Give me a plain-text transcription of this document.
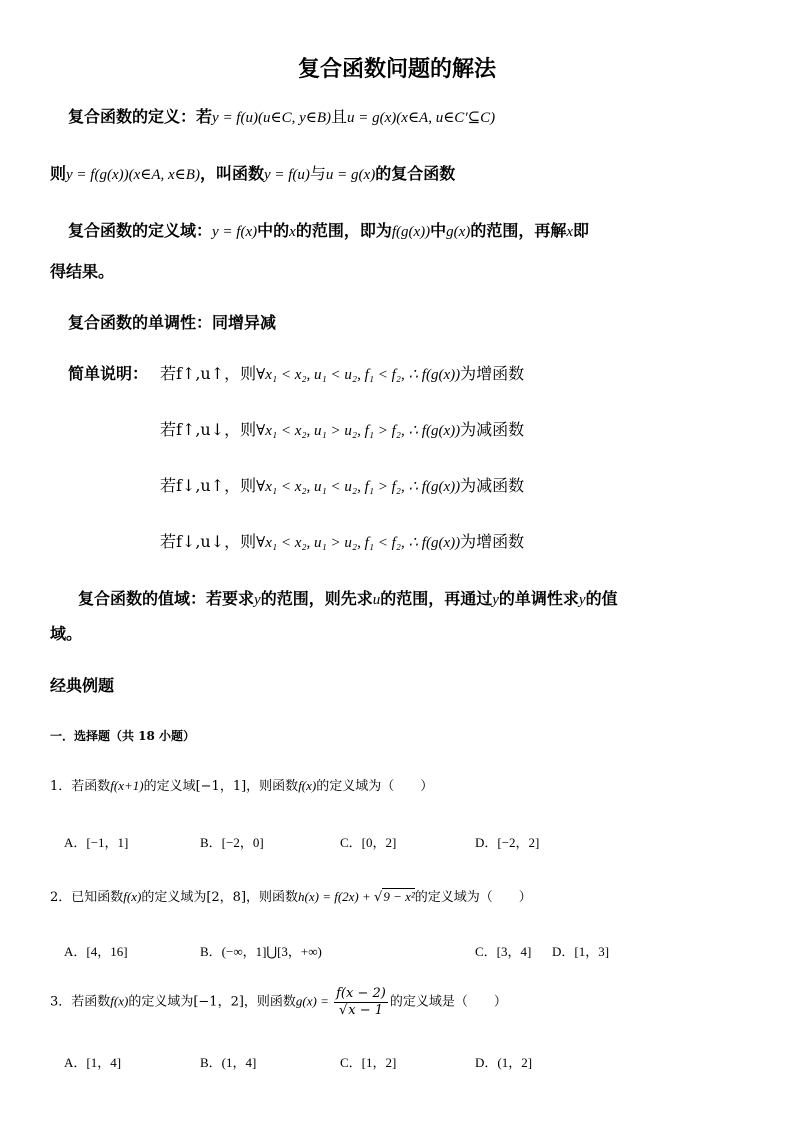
复合函数问题的解法
复合函数的定义：若y = f(u)(u∈C, y∈B)且u = g(x)(x∈A, u∈C′⊆C)
则y = f(g(x))(x∈A, x∈B)，叫函数y = f(u)与u = g(x)的复合函数
复合函数的定义域：y = f(x)中的x的范围，即为f(g(x))中g(x)的范围，再解x即
得结果。
复合函数的单调性：同增异减
简单说明： 若f↑,u↑，则∀x₁ < x₂, u₁ < u₂, f₁ < f₂, ∴ f(g(x))为增函数
若f↑,u↓，则∀x₁ < x₂, u₁ > u₂, f₁ > f₂, ∴ f(g(x))为减函数
若f↓,u↑，则∀x₁ < x₂, u₁ < u₂, f₁ > f₂, ∴ f(g(x))为减函数
若f↓,u↓，则∀x₁ < x₂, u₁ > u₂, f₁ < f₂, ∴ f(g(x))为增函数
复合函数的值域：若要求y的范围，则先求u的范围，再通过y的单调性求y的值
域。
经典例题
一．选择题（共 18 小题）
1．若函数f(x+1)的定义域[−1，1]，则函数f(x)的定义域为（　　）
A．[−1，1]	B．[−2，0]	C．[0，2]	D．[−2，2]
2．已知函数f(x)的定义域为[2，8]，则函数h(x) = f(2x) + √9 − x²的定义域为（　　）
A．[4，16]	B．(−∞，1]⋃[3，+∞)	C．[3，4] D．[1，3]
3．若函数f(x)的定义域为[−1，2]，则函数$g(x) = \frac{f(x - 2)}{√x - 1}$ 的定义域是（　　）
A．[1，4]	B．(1，4]	C．[1，2]	D．(1，2]
